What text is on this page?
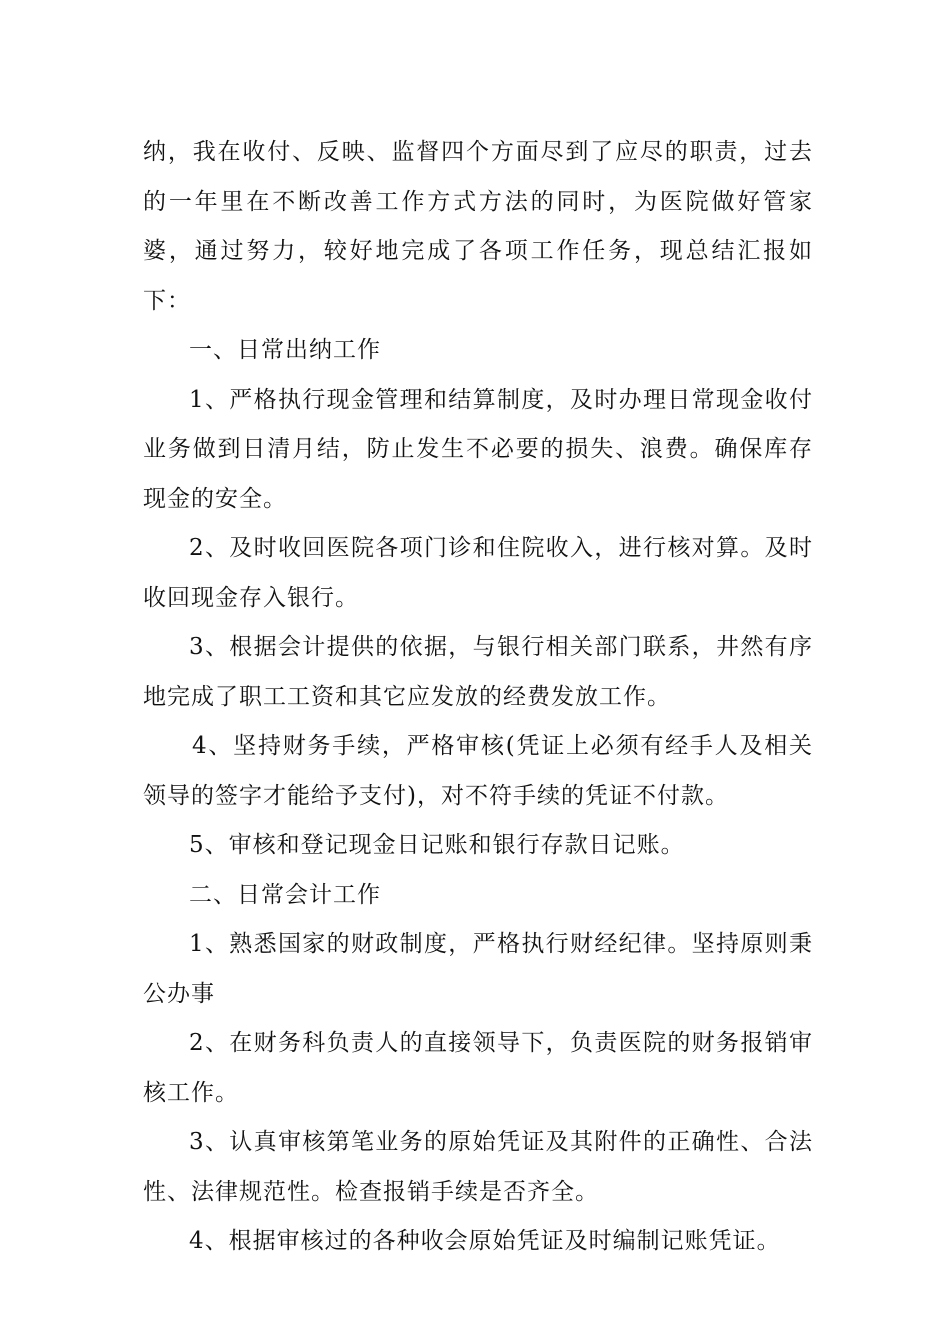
纳，我在收付、反映、监督四个方面尽到了应尽的职责，过去的一年里在不断改善工作方式方法的同时，为医院做好管家婆，通过努力，较好地完成了各项工作任务，现总结汇报如下：

一、日常出纳工作

1、严格执行现金管理和结算制度，及时办理日常现金收付业务做到日清月结，防止发生不必要的损失、浪费。确保库存现金的安全。

2、及时收回医院各项门诊和住院收入，进行核对算。及时收回现金存入银行。

3、根据会计提供的依据，与银行相关部门联系，井然有序地完成了职工工资和其它应发放的经费发放工作。

4、坚持财务手续，严格审核(凭证上必须有经手人及相关领导的签字才能给予支付)，对不符手续的凭证不付款。

5、审核和登记现金日记账和银行存款日记账。

二、日常会计工作

1、熟悉国家的财政制度，严格执行财经纪律。坚持原则秉公办事

2、在财务科负责人的直接领导下，负责医院的财务报销审核工作。

3、认真审核第笔业务的原始凭证及其附件的正确性、合法性、法律规范性。检查报销手续是否齐全。

4、根据审核过的各种收会原始凭证及时编制记账凭证。
